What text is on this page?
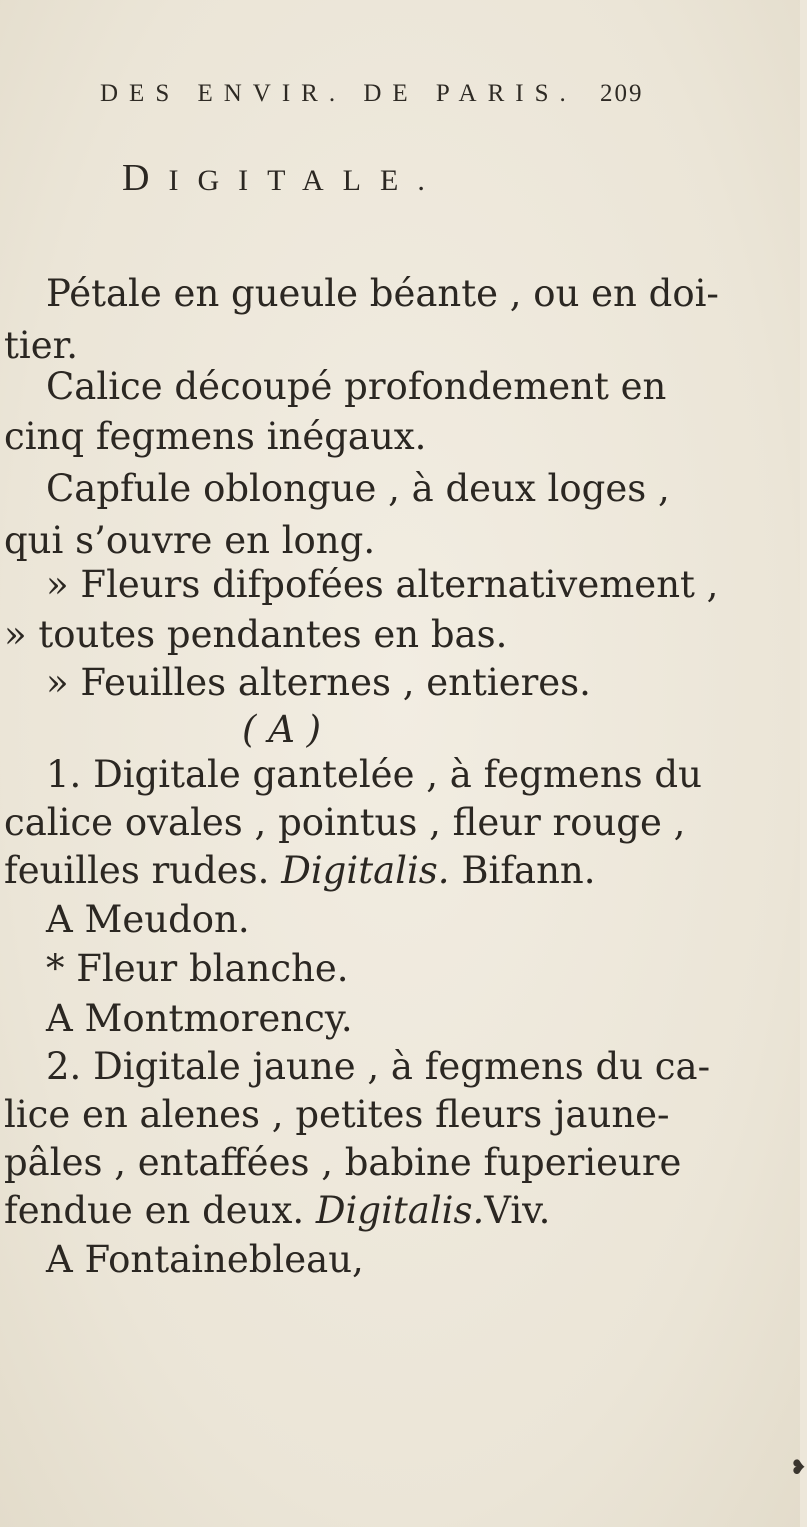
DES ENVIR. DE PARIS. 209
DIGITALE.
Pétale en gueule béante , ou en doi-
tier.
Calice découpé profondement en
cinq fegmens inégaux.
Capfule oblongue , à deux loges ,
qui s’ouvre en long.
» Fleurs difpofées alternativement ,
» toutes pendantes en bas.
» Feuilles alternes , entieres.
( A )
1. Digitale gantelée , à fegmens du
calice ovales , pointus , fleur rouge ,
feuilles rudes. Digitalis. Bifann.
A Meudon.
* Fleur blanche.
A Montmorency.
2. Digitale jaune , à fegmens du ca-
lice en alenes , petites fleurs jaune-
pâles , entaffées , babine fuperieure
fendue en deux. Digitalis.Viv.
A Fontainebleau,
❥
